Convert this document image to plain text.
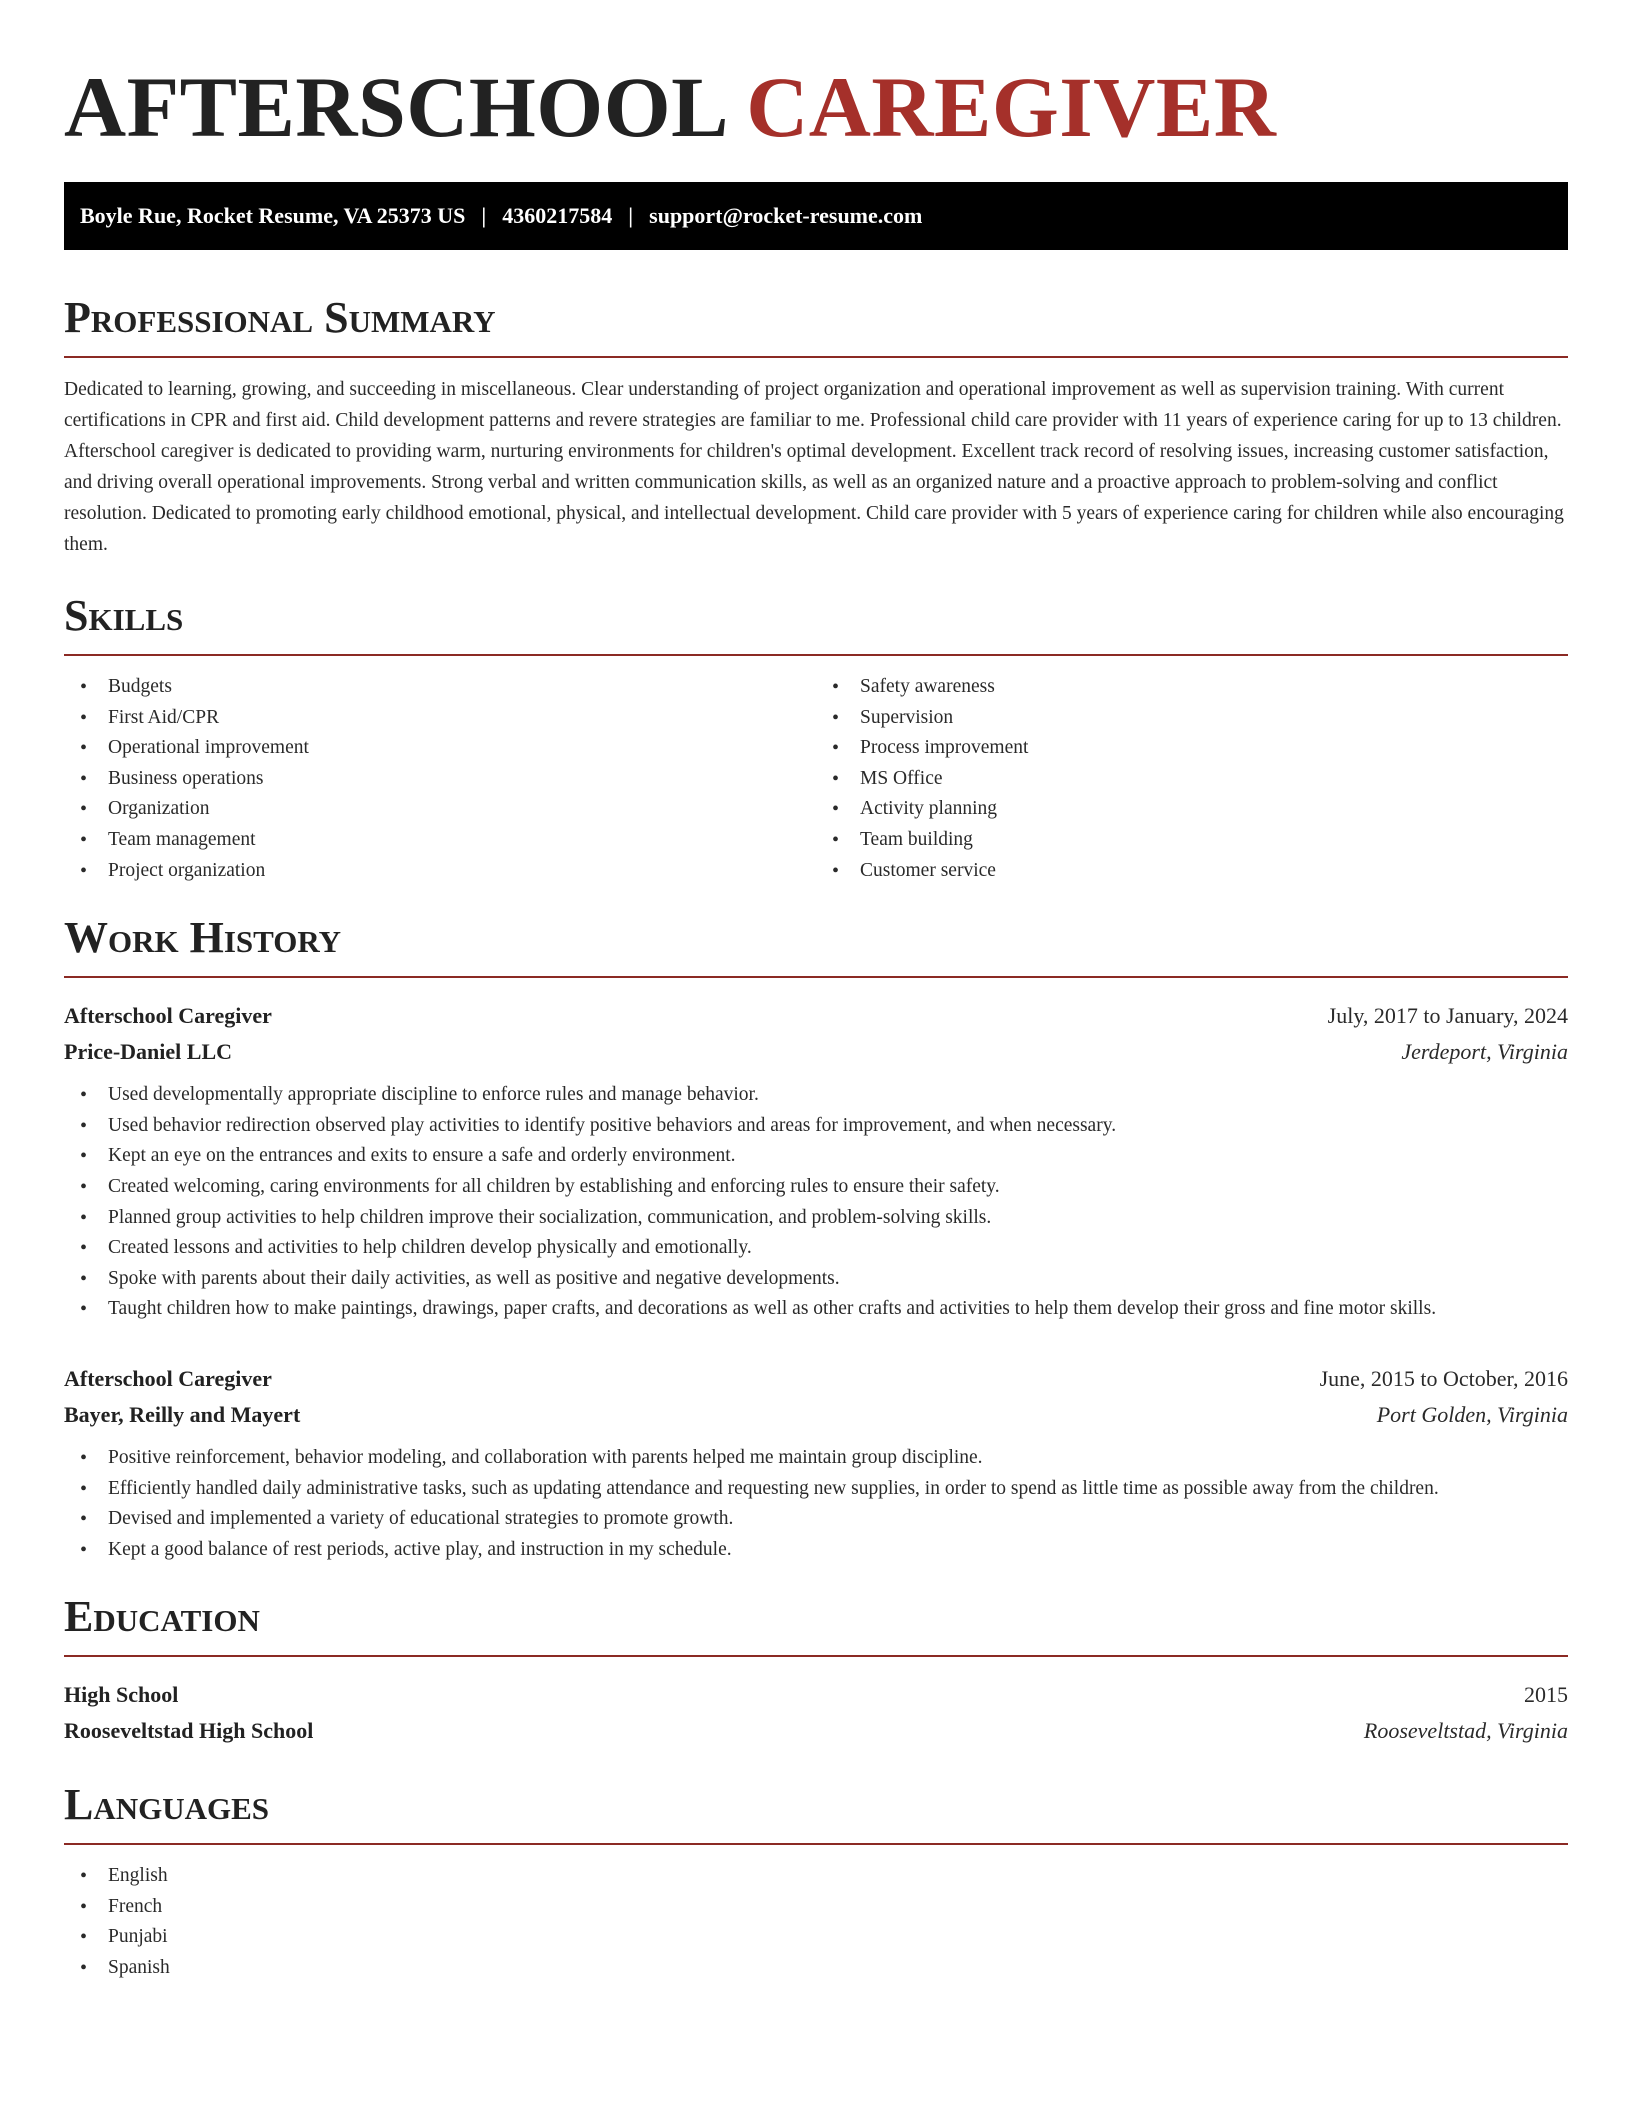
AFTERSCHOOL CAREGIVER
Boyle Rue, Rocket Resume, VA 25373 US | 4360217584 | support@rocket-resume.com
Professional Summary

Dedicated to learning, growing, and succeeding in miscellaneous. Clear understanding of project organization and operational improvement as well as supervision training. With current certifications in CPR and first aid. Child development patterns and revere strategies are familiar to me. Professional child care provider with 11 years of experience caring for up to 13 children. Afterschool caregiver is dedicated to providing warm, nurturing environments for children's optimal development. Excellent track record of resolving issues, increasing customer satisfaction, and driving overall operational improvements. Strong verbal and written communication skills, as well as an organized nature and a proactive approach to problem-solving and conflict resolution. Dedicated to promoting early childhood emotional, physical, and intellectual development. Child care provider with 5 years of experience caring for children while also encouraging them.

Skills
• Budgets
• First Aid/CPR
• Operational improvement
• Business operations
• Organization
• Team management
• Project organization
• Safety awareness
• Supervision
• Process improvement
• MS Office
• Activity planning
• Team building
• Customer service
Work History
Afterschool Caregiver	July, 2017 to January, 2024
Price-Daniel LLC	Jerdeport, Virginia
• Used developmentally appropriate discipline to enforce rules and manage behavior.
• Used behavior redirection observed play activities to identify positive behaviors and areas for improvement, and when necessary.
• Kept an eye on the entrances and exits to ensure a safe and orderly environment.
• Created welcoming, caring environments for all children by establishing and enforcing rules to ensure their safety.
• Planned group activities to help children improve their socialization, communication, and problem-solving skills.
• Created lessons and activities to help children develop physically and emotionally.
• Spoke with parents about their daily activities, as well as positive and negative developments.
• Taught children how to make paintings, drawings, paper crafts, and decorations as well as other crafts and activities to help them develop their gross and fine motor skills.
Afterschool Caregiver	June, 2015 to October, 2016
Bayer, Reilly and Mayert	Port Golden, Virginia
• Positive reinforcement, behavior modeling, and collaboration with parents helped me maintain group discipline.
• Efficiently handled daily administrative tasks, such as updating attendance and requesting new supplies, in order to spend as little time as possible away from the children.
• Devised and implemented a variety of educational strategies to promote growth.
• Kept a good balance of rest periods, active play, and instruction in my schedule.
Education
High School	2015
Rooseveltstad High School	Rooseveltstad, Virginia
Languages
• English
• French
• Punjabi
• Spanish
